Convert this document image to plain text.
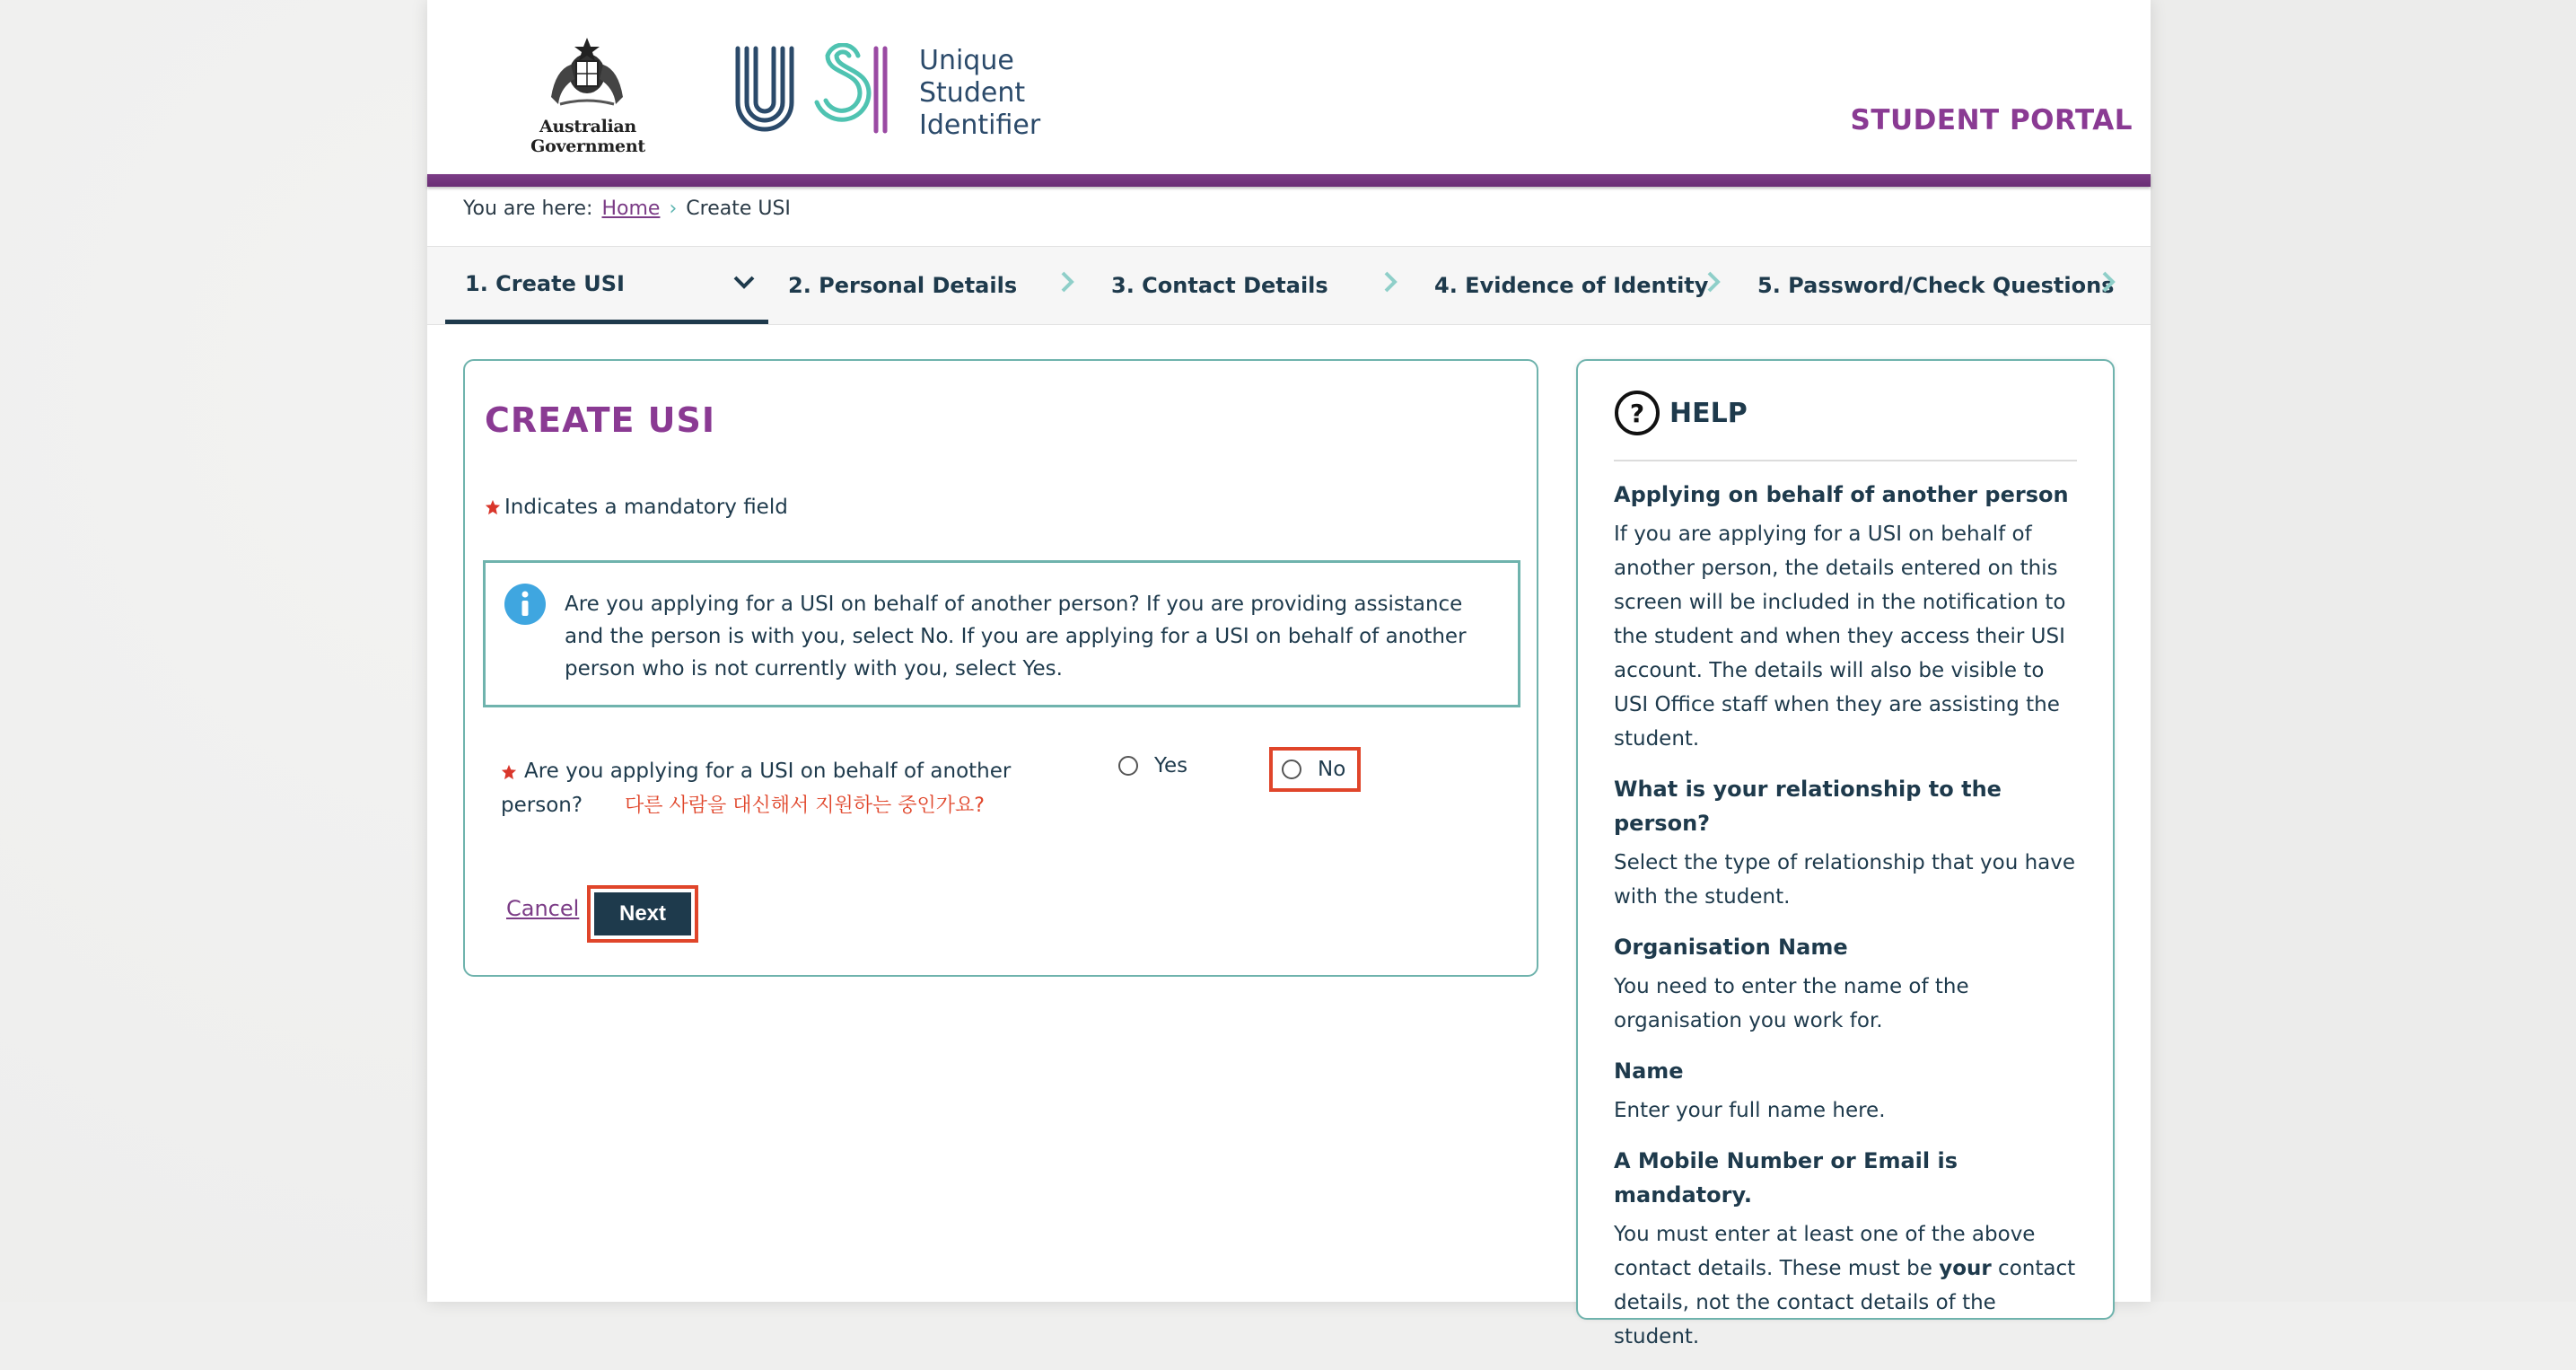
Australian Government
Unique
Student
Identifier	STUDENT PORTAL
You are here: Home › Create USI
1. Create USI	2. Personal Details	3. Contact Details	4. Evidence of Identity	5. Password/Check Questions
CREATE USI
Indicates a mandatory field
Are you applying for a USI on behalf of another person? If you are providing assistance and the person is with you, select No. If you are applying for a USI on behalf of another person who is not currently with you, select Yes.
Are you applying for a USI on behalf of another person?	다른 사람을 대신해서 지원하는 중인가요?
Yes	No
Cancel	Next
? HELP
Applying on behalf of another person

If you are applying for a USI on behalf of another person, the details entered on this screen will be included in the notification to the student and when they access their USI account. The details will also be visible to USI Office staff when they are assisting the student.

What is your relationship to the person?

Select the type of relationship that you have with the student.

Organisation Name

You need to enter the name of the organisation you work for.

Name

Enter your full name here.

A Mobile Number or Email is mandatory.

You must enter at least one of the above contact details. These must be your contact details, not the contact details of the student.
